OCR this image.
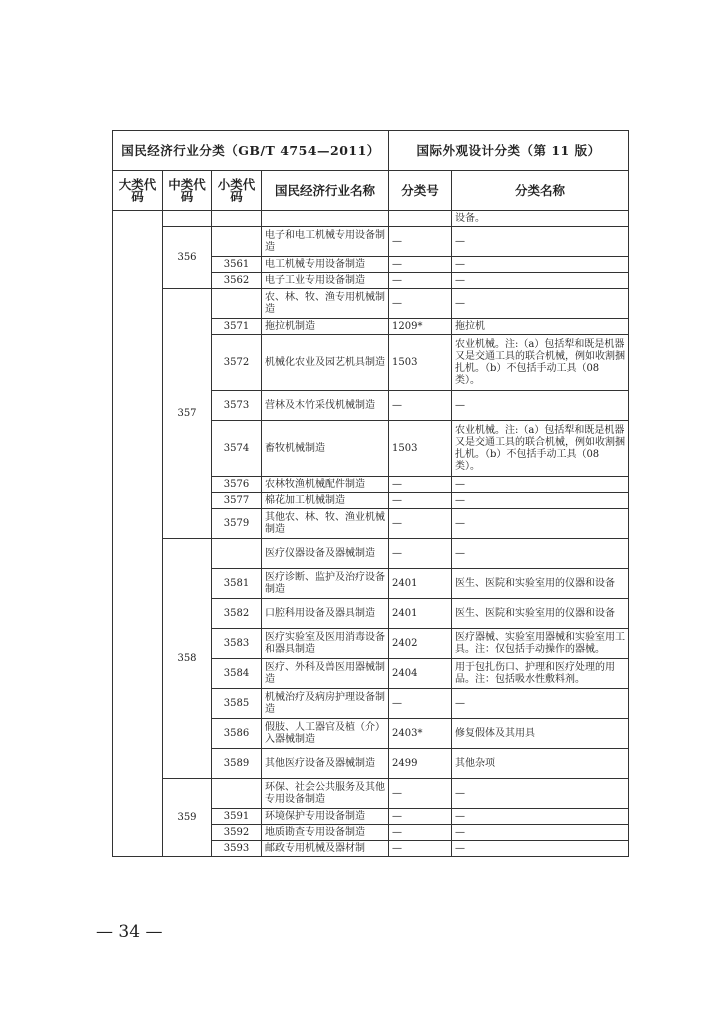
国民经济行业分类（GB/T 4754—2011）				国际外观设计分类（第 11 版）	
大类代码	中类代码	小类代码	国民经济行业名称	分类号	分类名称
					设备。
	356		电子和电工机械专用设备制造	—	—
		3561	电工机械专用设备制造	—	—
		3562	电子工业专用设备制造	—	—
	357		农、林、牧、渔专用机械制造	—	—
		3571	拖拉机制造	1209*	拖拉机
		3572	机械化农业及园艺机具制造	1503	农业机械。注:（a）包括犁和既是机器又是交通工具的联合机械，例如收割捆扎机。（b）不包括手动工具（08 类）。
		3573	营林及木竹采伐机械制造	—	—
		3574	畜牧机械制造	1503	农业机械。注:（a）包括犁和既是机器又是交通工具的联合机械，例如收割捆扎机。（b）不包括手动工具（08 类）。
		3576	农林牧渔机械配件制造	—	—
		3577	棉花加工机械制造	—	—
		3579	其他农、林、牧、渔业机械制造	—	—
	358		医疗仪器设备及器械制造	—	—
		3581	医疗诊断、监护及治疗设备制造	2401	医生、医院和实验室用的仪器和设备
		3582	口腔科用设备及器具制造	2401	医生、医院和实验室用的仪器和设备
		3583	医疗实验室及医用消毒设备和器具制造	2402	医疗器械、实验室用器械和实验室用工具。注：仅包括手动操作的器械。
		3584	医疗、外科及兽医用器械制造	2404	用于包扎伤口、护理和医疗处理的用品。注：包括吸水性敷料剂。
		3585	机械治疗及病房护理设备制造	—	—
		3586	假肢、人工器官及植（介）入器械制造	2403*	修复假体及其用具
		3589	其他医疗设备及器械制造	2499	其他杂项
	359		环保、社会公共服务及其他专用设备制造	—	—
		3591	环境保护专用设备制造	—	—
		3592	地质勘查专用设备制造	—	—
		3593	邮政专用机械及器材制	—	—
— 34 —
